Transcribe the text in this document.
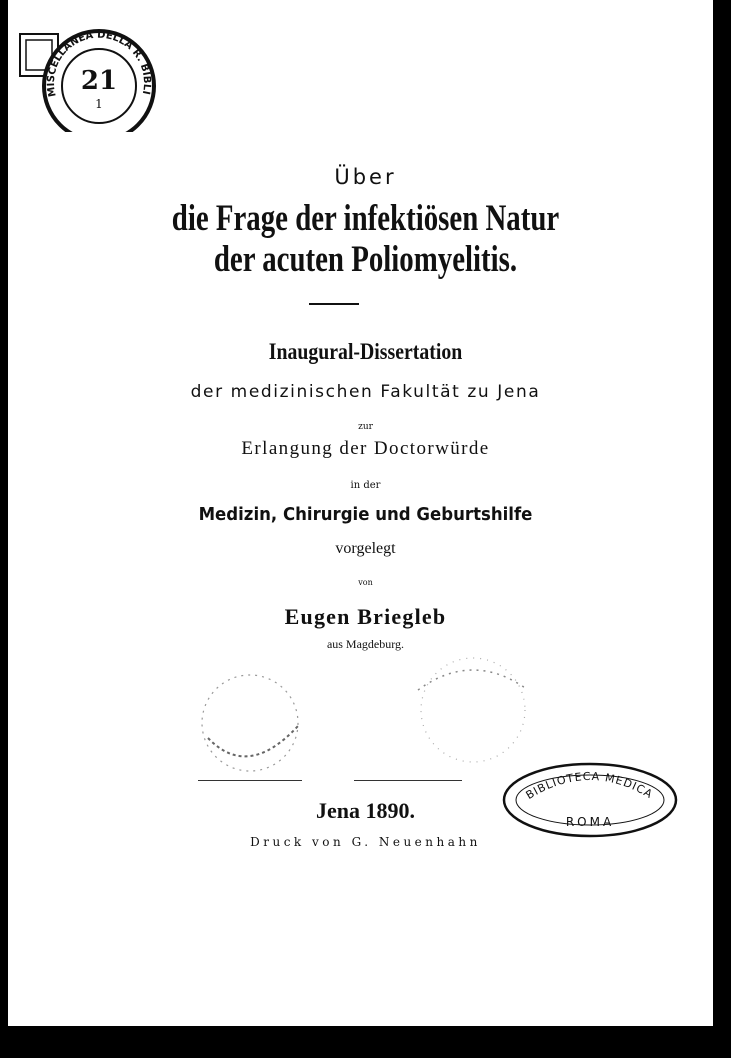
MISCELLANEA DELLA R. BIBLI
21
1
Über
die Frage der infektiösen Natur
der acuten Poliomyelitis.
Inaugural-Dissertation
der medizinischen Fakultät zu Jena
zur
Erlangung der Doctorwürde
in der
Medizin, Chirurgie und Geburtshilfe
vorgelegt
von
Eugen Briegleb
aus Magdeburg.
Jena 1890.
Druck von G. Neuenhahn
BIBLIOTECA MEDICA
ROMA
